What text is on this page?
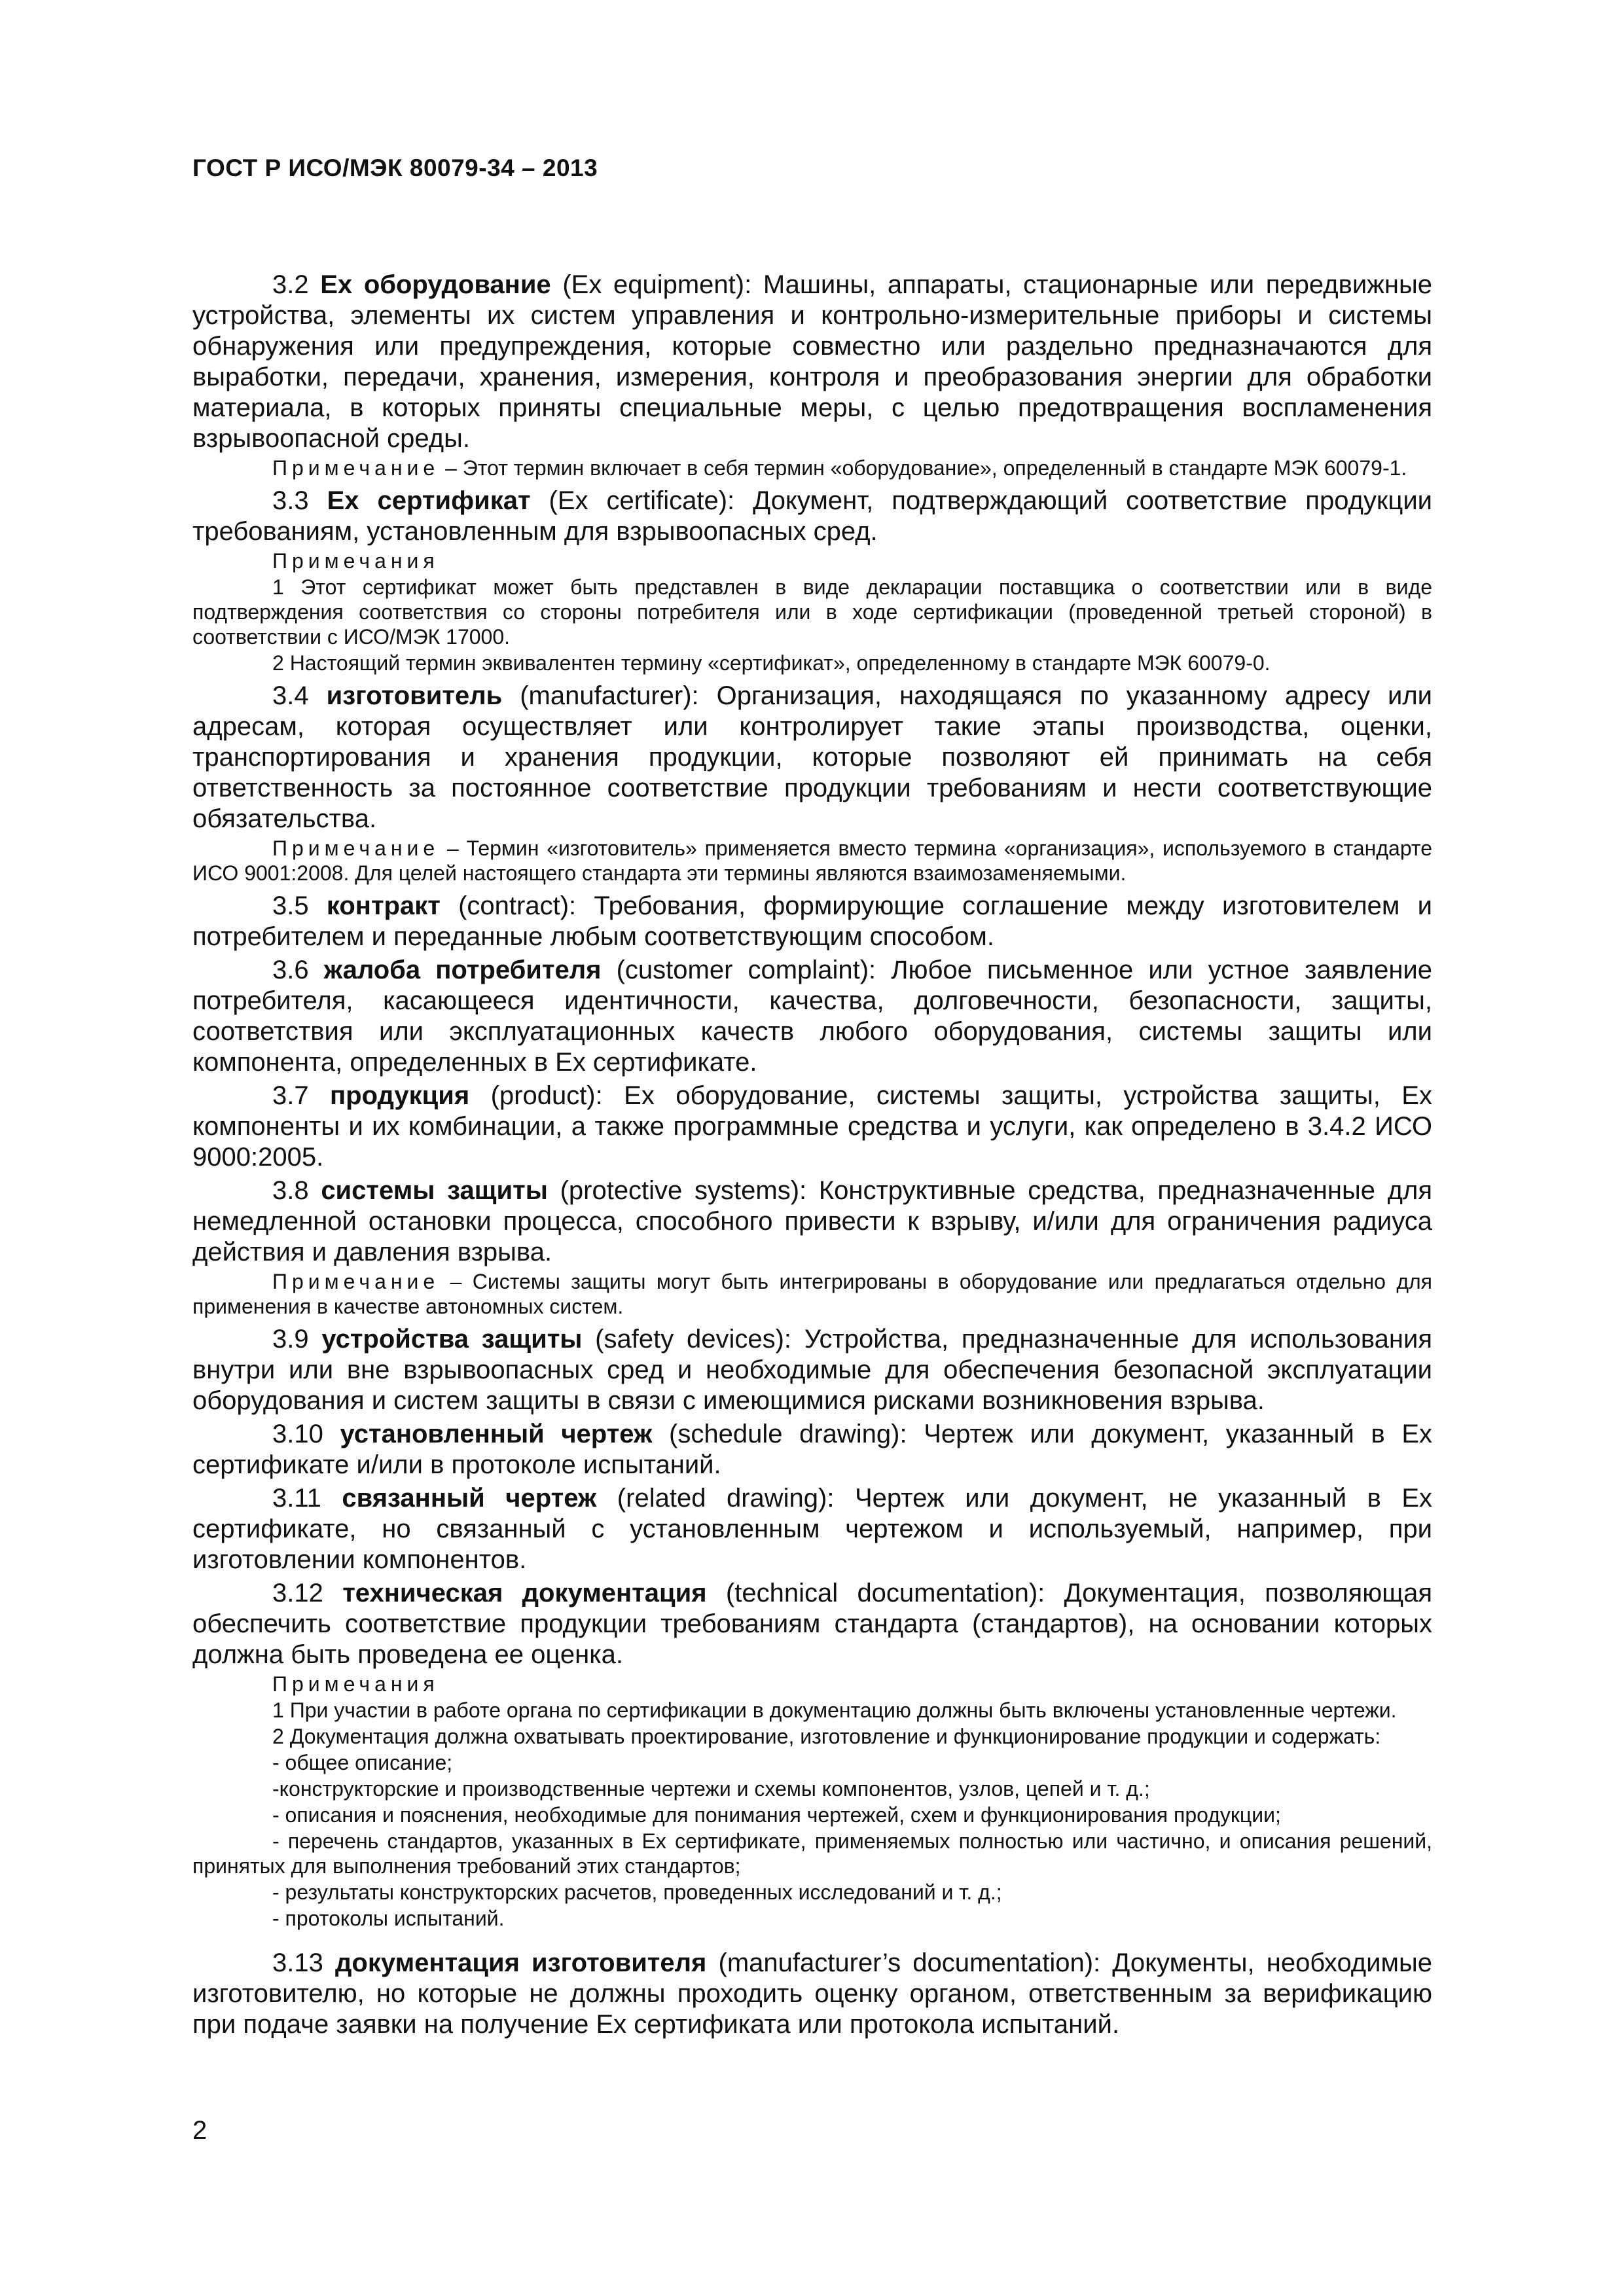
ГОСТ Р ИСО/МЭК 80079-34 – 2013

3.2 Ex оборудование (Ex equipment): Машины, аппараты, стационарные или передвижные устройства, элементы их систем управления и контрольно-измерительные приборы и системы обнаружения или предупреждения, которые совместно или раздельно предназначаются для выработки, передачи, хранения, измерения, контроля и преобразования энергии для обработки материала, в которых приняты специальные меры, с целью предотвращения воспламенения взрывоопасной среды.

Примечание – Этот термин включает в себя термин «оборудование», определенный в стандарте МЭК 60079-1.

3.3 Ex сертификат (Ex certificate): Документ, подтверждающий соответствие продукции требованиям, установленным для взрывоопасных сред.

Примечания

1 Этот сертификат может быть представлен в виде декларации поставщика о соответствии или в виде подтверждения соответствия со стороны потребителя или в ходе сертификации (проведенной третьей стороной) в соответствии с ИСО/МЭК 17000.

2 Настоящий термин эквивалентен термину «сертификат», определенному в стандарте МЭК 60079-0.

3.4 изготовитель (manufacturer): Организация, находящаяся по указанному адресу или адресам, которая осуществляет или контролирует такие этапы производства, оценки, транспортирования и хранения продукции, которые позволяют ей принимать на себя ответственность за постоянное соответствие продукции требованиям и нести соответствующие обязательства.

Примечание – Термин «изготовитель» применяется вместо термина «организация», используемого в стандарте ИСО 9001:2008. Для целей настоящего стандарта эти термины являются взаимозаменяемыми.

3.5 контракт (contract): Требования, формирующие соглашение между изготовителем и потребителем и переданные любым соответствующим способом.

3.6 жалоба потребителя (customer complaint): Любое письменное или устное заявление потребителя, касающееся идентичности, качества, долговечности, безопасности, защиты, соответствия или эксплуатационных качеств любого оборудования, системы защиты или компонента, определенных в Ex сертификате.

3.7 продукция (product): Ex оборудование, системы защиты, устройства защиты, Ex компоненты и их комбинации, а также программные средства и услуги, как определено в 3.4.2 ИСО 9000:2005.

3.8 системы защиты (protective systems): Конструктивные средства, предназначенные для немедленной остановки процесса, способного привести к взрыву, и/или для ограничения радиуса действия и давления взрыва.

Примечание – Системы защиты могут быть интегрированы в оборудование или предлагаться отдельно для применения в качестве автономных систем.

3.9 устройства защиты (safety devices): Устройства, предназначенные для использования внутри или вне взрывоопасных сред и необходимые для обеспечения безопасной эксплуатации оборудования и систем защиты в связи с имеющимися рисками возникновения взрыва.

3.10 установленный чертеж (schedule drawing): Чертеж или документ, указанный в Ex сертификате и/или в протоколе испытаний.

3.11 связанный чертеж (related drawing): Чертеж или документ, не указанный в Ex сертификате, но связанный с установленным чертежом и используемый, например, при изготовлении компонентов.

3.12 техническая документация (technical documentation): Документация, позволяющая обеспечить соответствие продукции требованиям стандарта (стандартов), на основании которых должна быть проведена ее оценка.

Примечания

1 При участии в работе органа по сертификации в документацию должны быть включены установленные чертежи.

2 Документация должна охватывать проектирование, изготовление и функционирование продукции и содержать:

- общее описание;

-конструкторские и производственные чертежи и схемы компонентов, узлов, цепей и т. д.;

- описания и пояснения, необходимые для понимания чертежей, схем и функционирования продукции;

- перечень стандартов, указанных в Ex сертификате, применяемых полностью или частично, и описания решений, принятых для выполнения требований этих стандартов;

- результаты конструкторских расчетов, проведенных исследований и т. д.;

- протоколы испытаний.

3.13 документация изготовителя (manufacturer’s documentation): Документы, необходимые изготовителю, но которые не должны проходить оценку органом, ответственным за верификацию при подаче заявки на получение Ex сертификата или протокола испытаний.

2
